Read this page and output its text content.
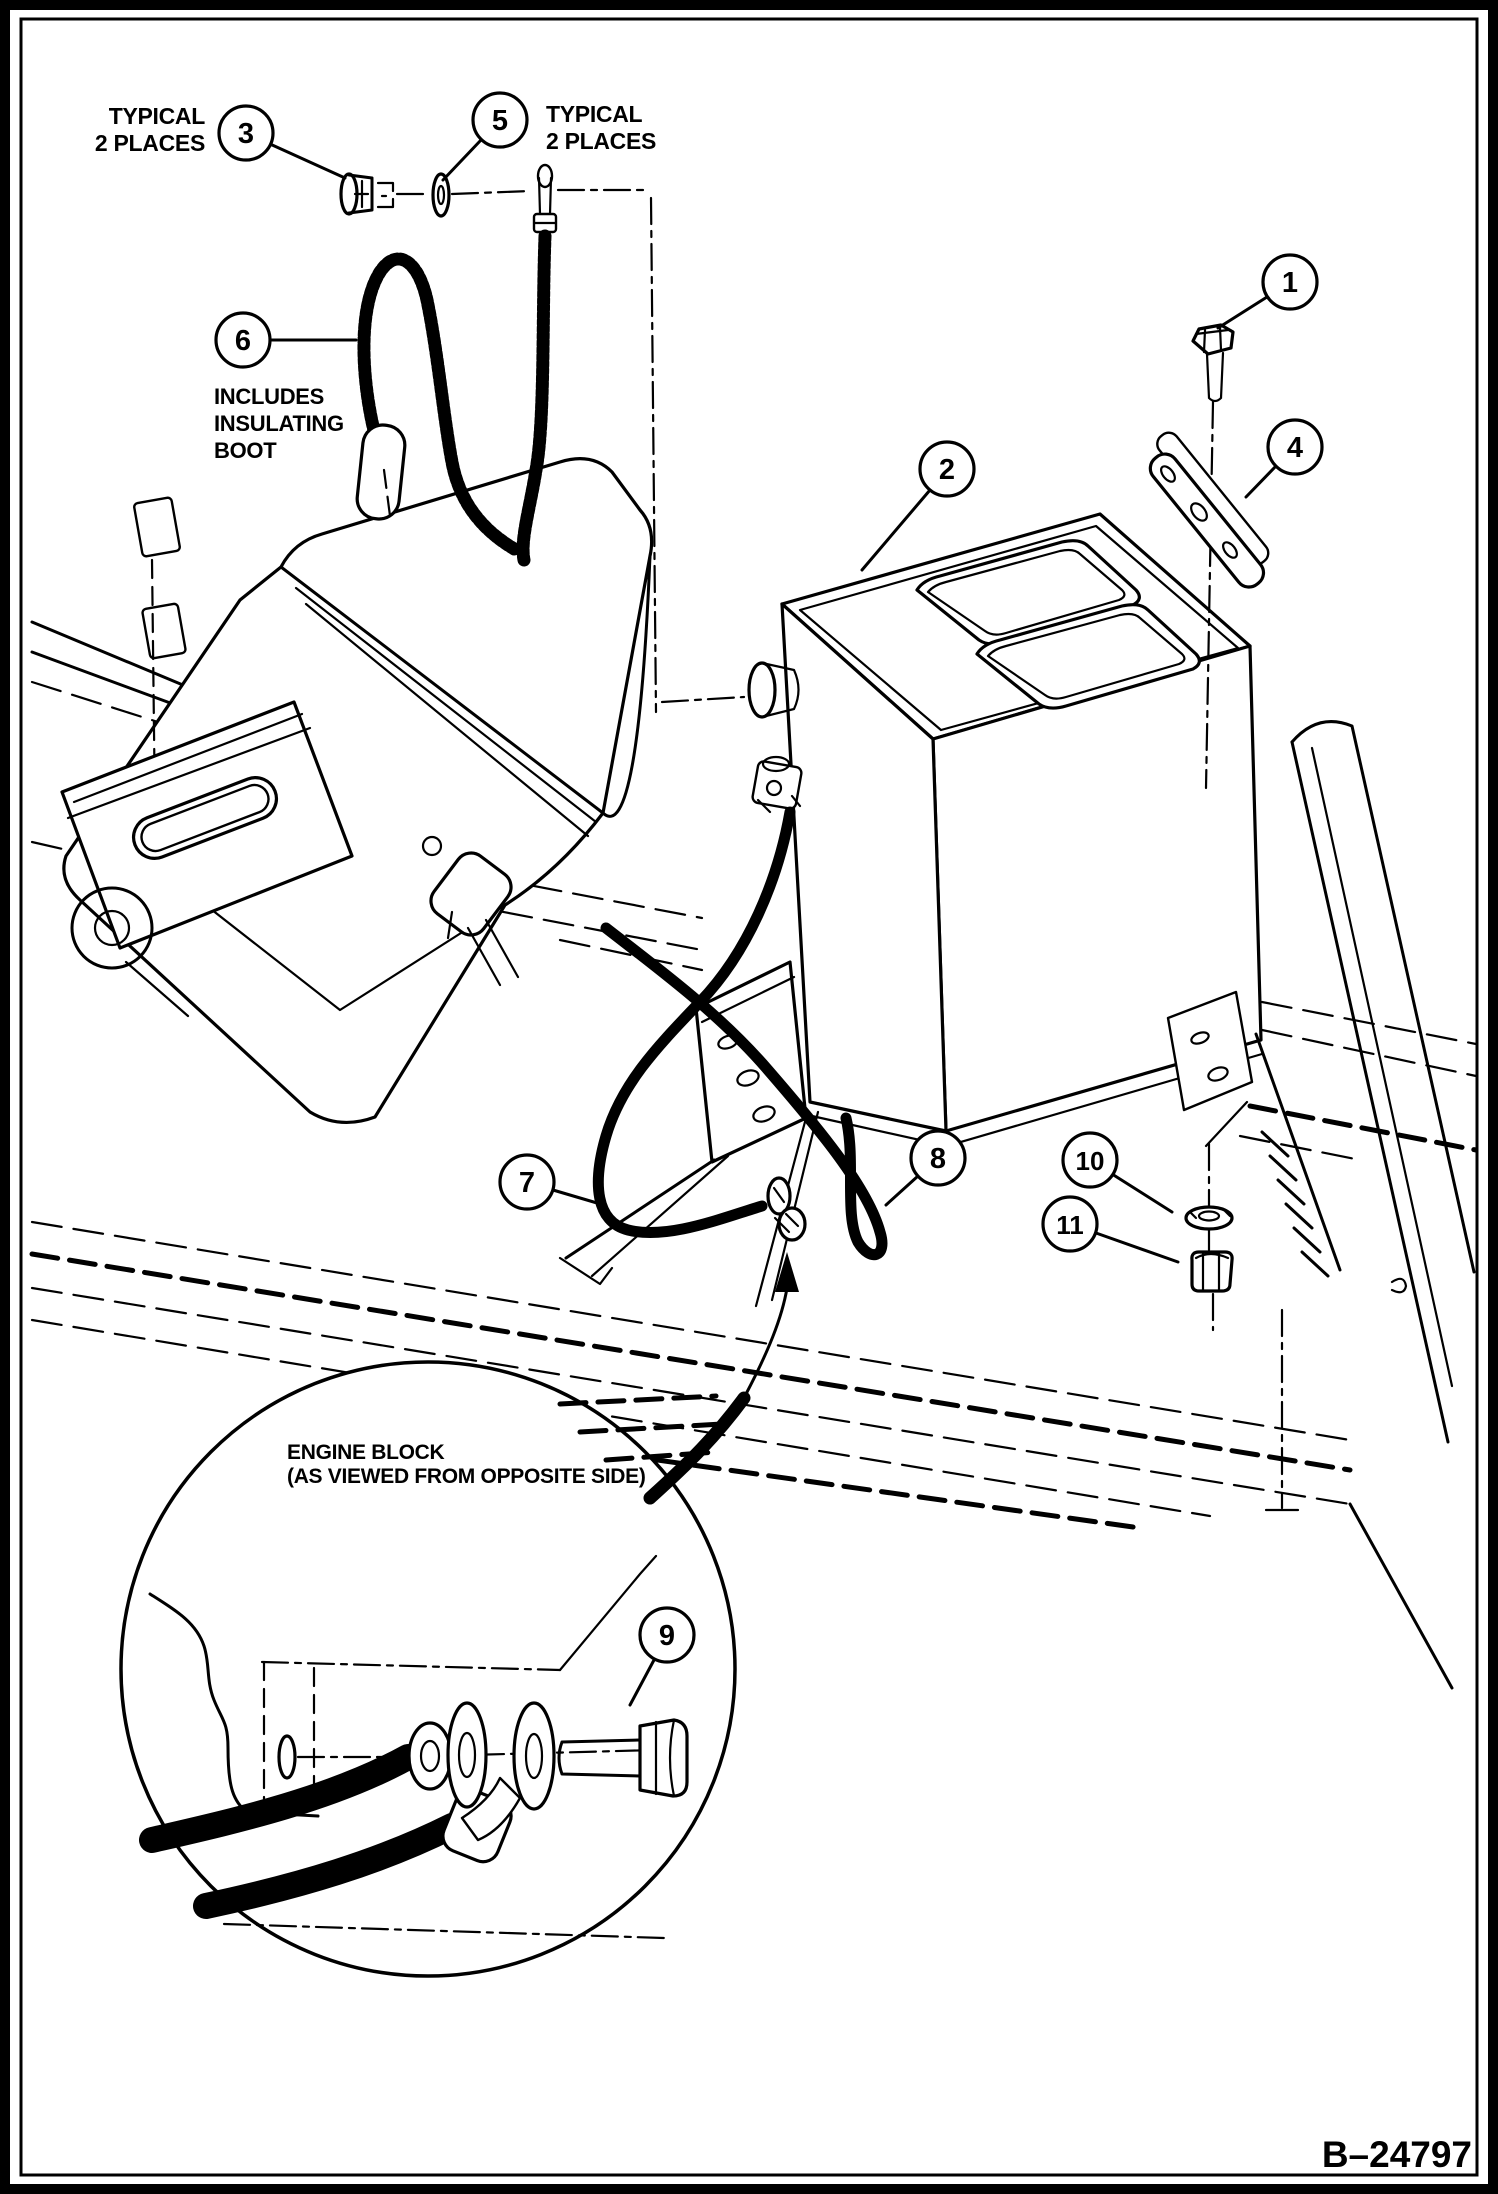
1
2
3
4
5
6
7
8
9
10
11
TYPICAL
2 PLACES
TYPICAL
2 PLACES
INCLUDES
INSULATING
BOOT
ENGINE BLOCK
(AS VIEWED FROM OPPOSITE SIDE)
B–24797
